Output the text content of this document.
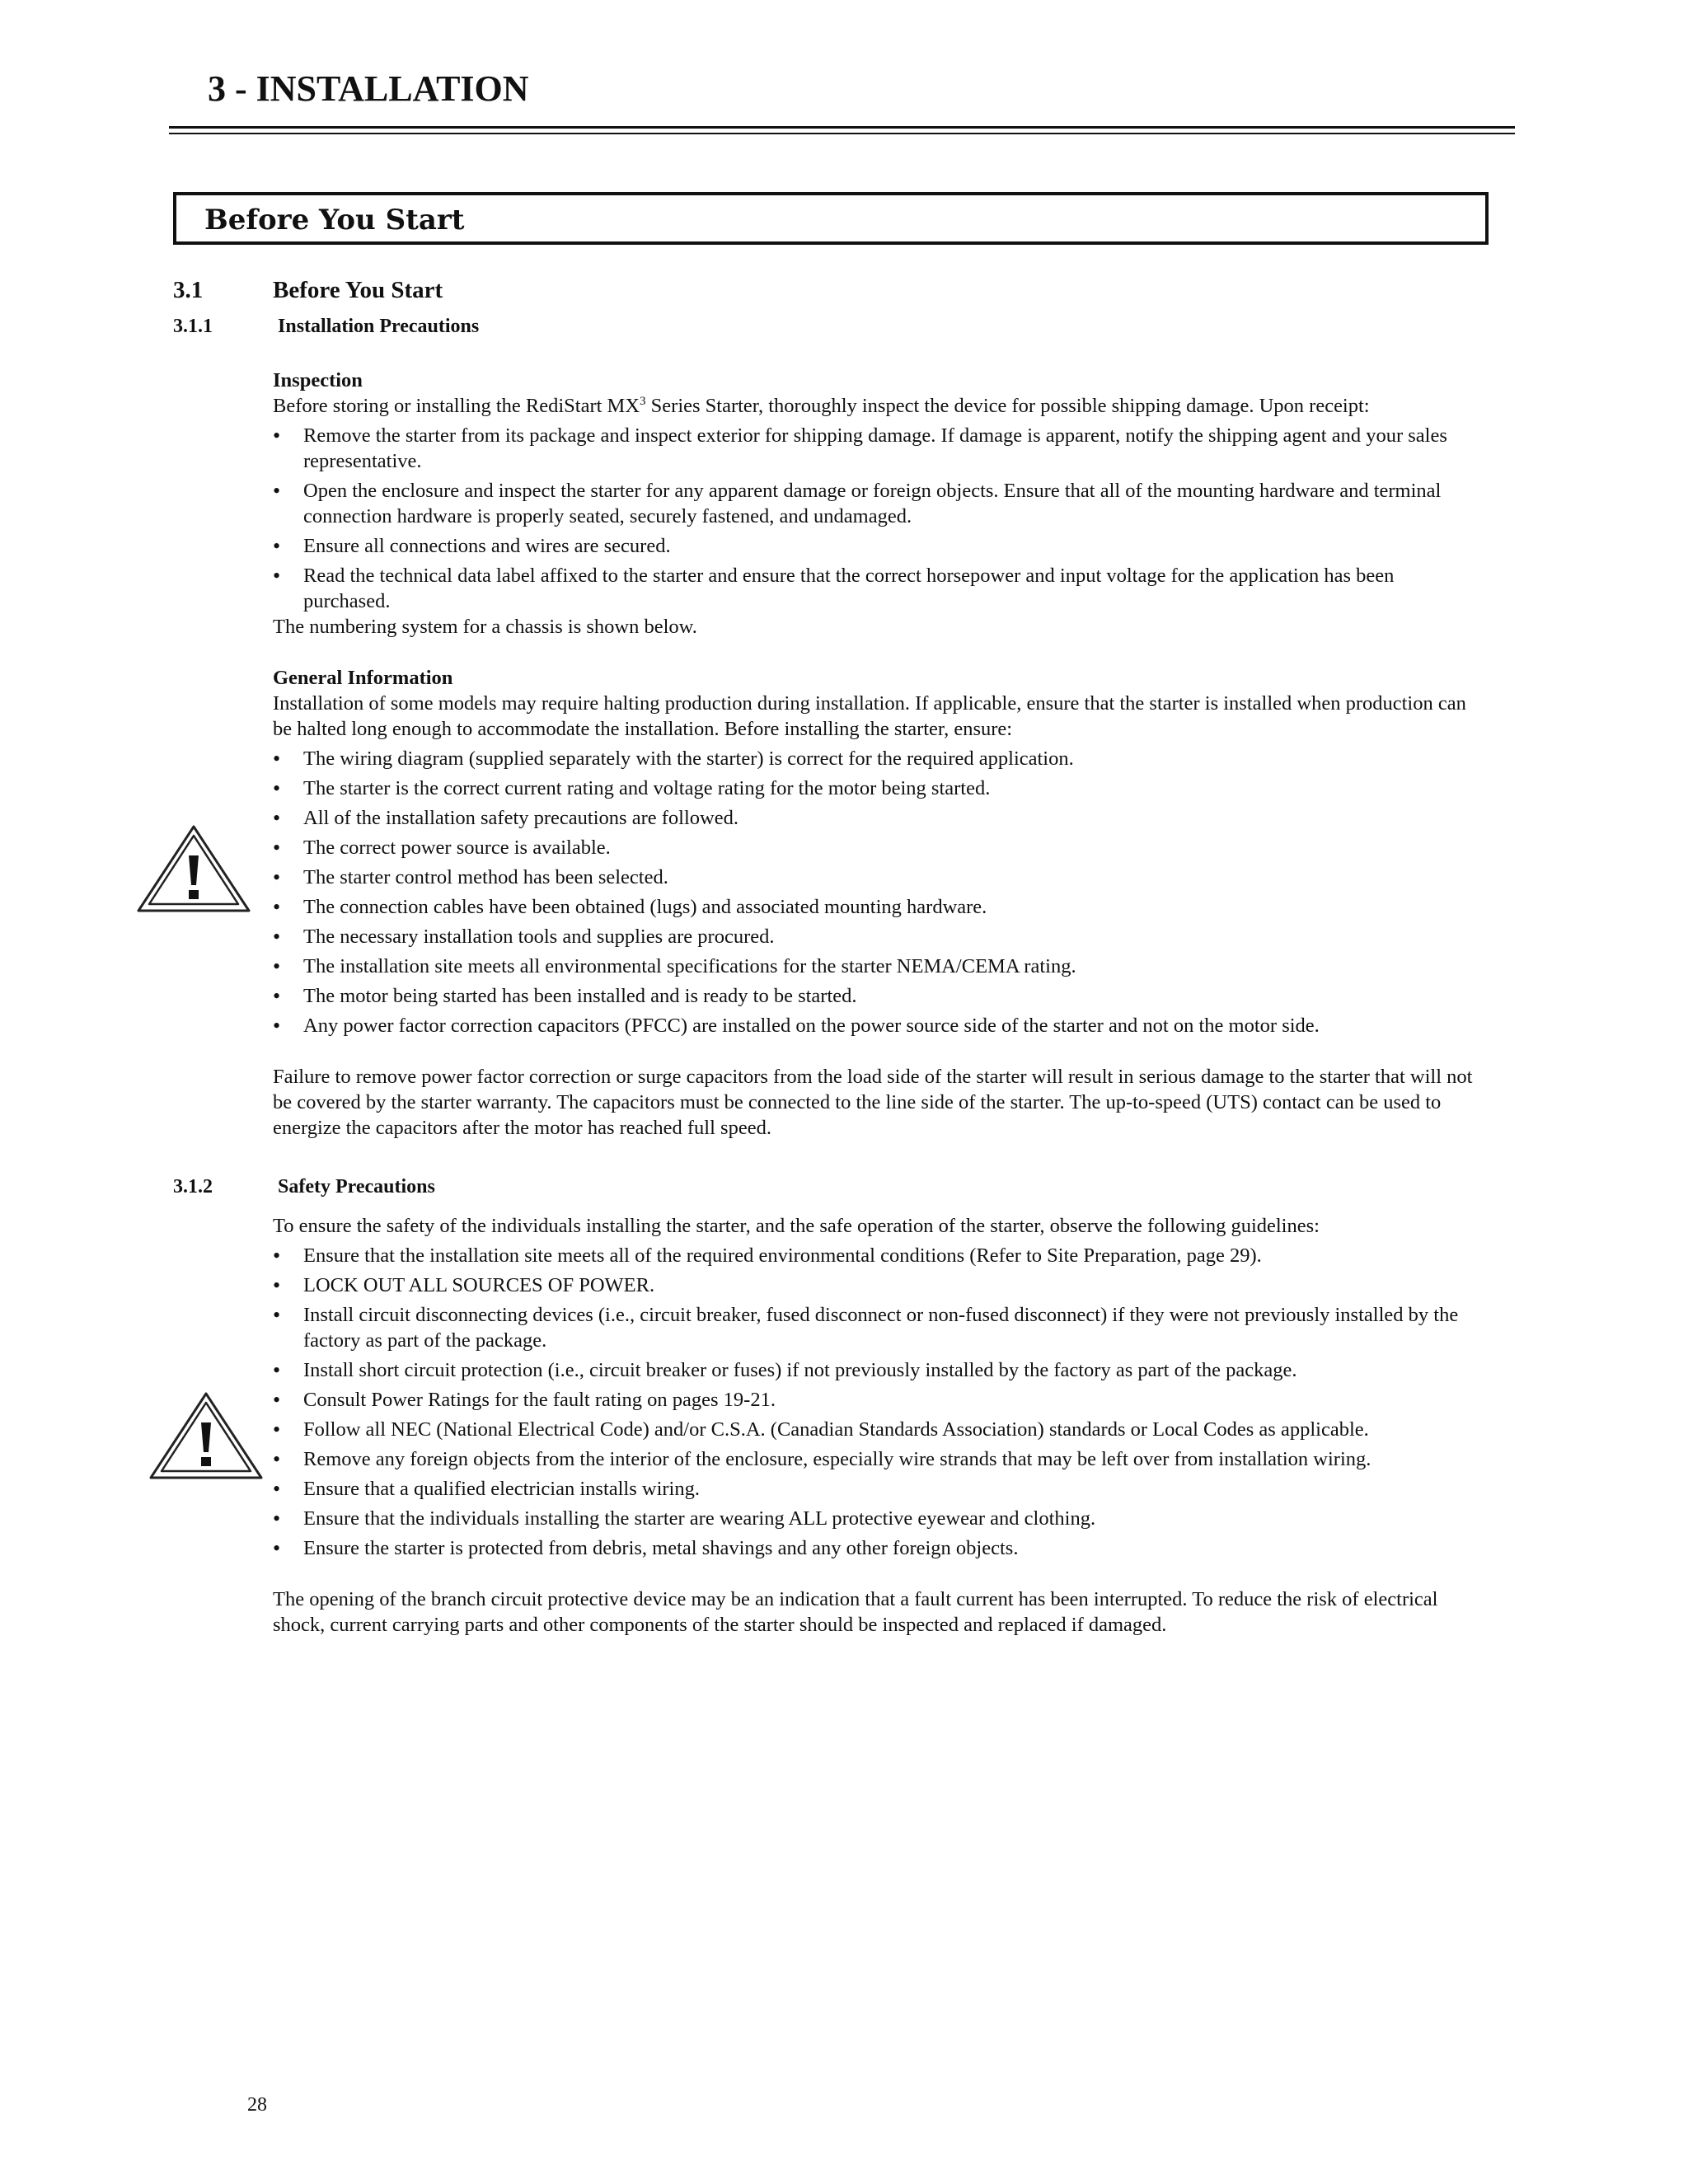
3 - INSTALLATION
Before You Start
3.1	Before You Start
3.1.1	Installation Precautions

Inspection

Before storing or installing the RediStart $MX^3$ Series Starter, thoroughly inspect the device for possible shipping damage. Upon receipt:

• Remove the starter from its package and inspect exterior for shipping damage. If damage is apparent, notify the shipping agent and your sales representative.
• Open the enclosure and inspect the starter for any apparent damage or foreign objects. Ensure that all of the mounting hardware and terminal connection hardware is properly seated, securely fastened, and undamaged.
• Ensure all connections and wires are secured.
• Read the technical data label affixed to the starter and ensure that the correct horsepower and input voltage for the application has been purchased.

The numbering system for a chassis is shown below.

General Information

Installation of some models may require halting production during installation. If applicable, ensure that the starter is installed when production can be halted long enough to accommodate the installation. Before installing the starter, ensure:

• The wiring diagram (supplied separately with the starter) is correct for the required application.
• The starter is the correct current rating and voltage rating for the motor being started.
• All of the installation safety precautions are followed.
• The correct power source is available.
• The starter control method has been selected.
• The connection cables have been obtained (lugs) and associated mounting hardware.
• The necessary installation tools and supplies are procured.
• The installation site meets all environmental specifications for the starter NEMA/CEMA rating.
• The motor being started has been installed and is ready to be started.
• Any power factor correction capacitors (PFCC) are installed on the power source side of the starter and not on the motor side.

Failure to remove power factor correction or surge capacitors from the load side of the starter will result in serious damage to the starter that will not be covered by the starter warranty. The capacitors must be connected to the line side of the starter. The up-to-speed (UTS) contact can be used to energize the capacitors after the motor has reached full speed.

3.1.2	Safety Precautions

To ensure the safety of the individuals installing the starter, and the safe operation of the starter, observe the following guidelines:

• Ensure that the installation site meets all of the required environmental conditions (Refer to Site Preparation, page 29).
• LOCK OUT ALL SOURCES OF POWER.
• Install circuit disconnecting devices (i.e., circuit breaker, fused disconnect or non-fused disconnect) if they were not previously installed by the factory as part of the package.
• Install short circuit protection (i.e., circuit breaker or fuses) if not previously installed by the factory as part of the package.
• Consult Power Ratings for the fault rating on pages 19-21.
• Follow all NEC (National Electrical Code) and/or C.S.A. (Canadian Standards Association) standards or Local Codes as applicable.
• Remove any foreign objects from the interior of the enclosure, especially wire strands that may be left over from installation wiring.
• Ensure that a qualified electrician installs wiring.
• Ensure that the individuals installing the starter are wearing ALL protective eyewear and clothing.
• Ensure the starter is protected from debris, metal shavings and any other foreign objects.

The opening of the branch circuit protective device may be an indication that a fault current has been interrupted. To reduce the risk of electrical shock, current carrying parts and other components of the starter should be inspected and replaced if damaged.

28
